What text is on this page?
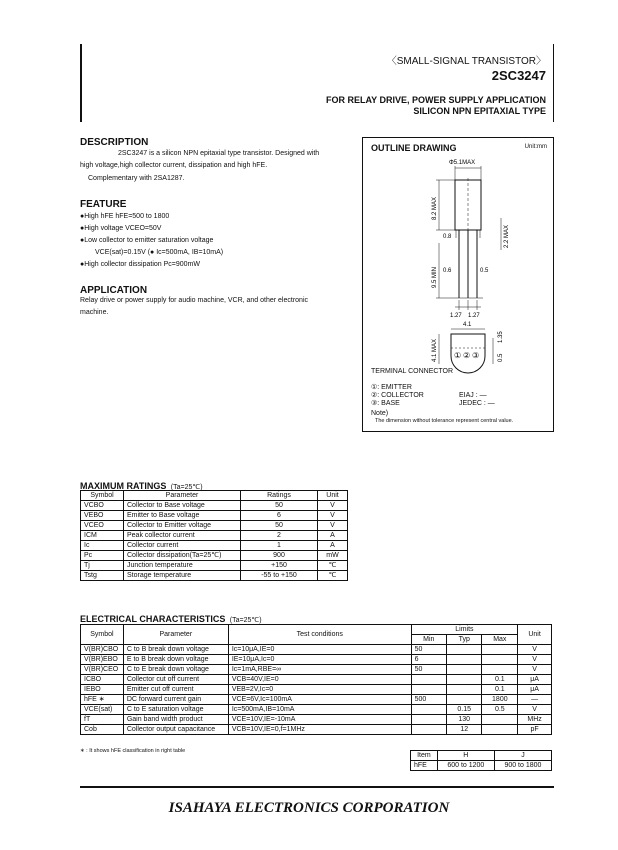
〈SMALL-SIGNAL TRANSISTOR〉
2SC3247
FOR RELAY DRIVE, POWER SUPPLY APPLICATION
SILICON NPN EPITAXIAL TYPE
DESCRIPTION
2SC3247 is a silicon NPN epitaxial type transistor. Designed with
high voltage,high collector current, dissipation and high hFE.
Complementary with 2SA1287.
FEATURE
●High hFE hFE=500 to 1800
●High voltage VCEO=50V
●Low collector to emitter saturation voltage
VCE(sat)=0.15V (● Ic=500mA, IB=10mA)
●High collector dissipation Pc=900mW
APPLICATION
Relay drive or power supply for audio machine, VCR, and other electronic
machine.
OUTLINE DRAWING	Unit:mm
Φ5.1MAX
8.2 MAX
0.8
0.6	0.5
2.2 MAX
9.5 MIN
1.27 1.27
4.1
① ② ③
4.1 MAX	0.5
1.35
TERMINAL CONNECTOR
①: EMITTER
②: COLLECTOR
③: BASE
EIAJ : —
JEDEC : —
Note)
The dimension without tolerance represent central value.
MAXIMUM RATINGS (Ta=25℃)
Symbol	Parameter	Ratings	Unit
VCBO	Collector to Base voltage	50	V
VEBO	Emitter to Base voltage	6	V
VCEO	Collector to Emitter voltage	50	V
ICM	Peak collector current	2	A
Ic	Collector current	1	A
Pc	Collector dissipation(Ta=25℃)	900	mW
Tj	Junction temperature	+150	℃
Tstg	Storage temperature	-55 to +150	℃
ELECTRICAL CHARACTERISTICS (Ta=25℃)
Symbol	Parameter	Test conditions	Limits			Unit
			Min	Typ	Max	
V(BR)CBO	C to B break down voltage	Ic=10μA,IE=0	50			V
V(BR)EBO	E to B break down voltage	IE=10μA,Ic=0	6			V
V(BR)CEO	C to E break down voltage	Ic=1mA,RBE=∞	50			V
ICBO	Collector cut off current	VCB=40V,IE=0			0.1	μA
IEBO	Emitter cut off current	VEB=2V,Ic=0			0.1	μA
hFE ∗	DC forward current gain	VCE=6V,Ic=100mA	500		1800	—
VCE(sat)	C to E saturation voltage	Ic=500mA,IB=10mA		0.15	0.5	V
fT	Gain band width product	VCE=10V,IE=-10mA		130		MHz
Cob	Collector output capacitance	VCB=10V,IE=0,f=1MHz		12		pF
∗ : It shows hFE classification in right table
Item	H	J
hFE	600 to 1200	900 to 1800
ISAHAYA ELECTRONICS CORPORATION
